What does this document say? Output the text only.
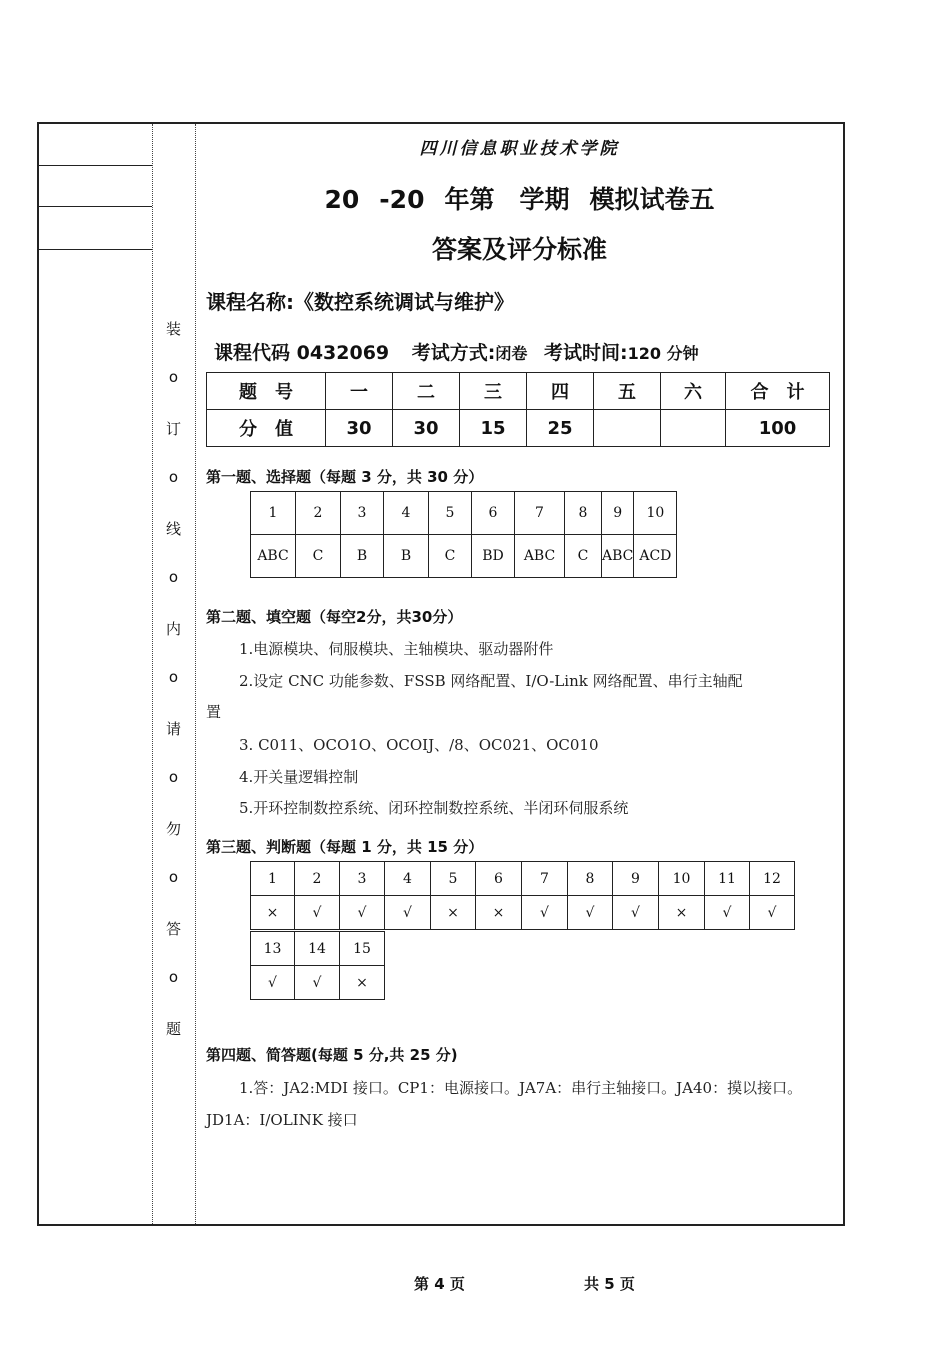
装
o
订
o
线
o
内
o
请
o
勿
o
答
o
题
四川信息职业技术学院
20 -20 年第　学期 模拟试卷五
答案及评分标准
课程名称:《数控系统调试与维护》
课程代码 0432069 考试方式:闭卷 考试时间:120 分钟
题　号	一	二	三	四	五	六	合　计
分　值	30	30	15	25			100
第一题、选择题（每题 3 分，共 30 分）
1	2	3	4	5	6	7	8	9	10
ABC	C	B	B	C	BD	ABC	C	ABC	ACD
第二题、填空题（每空2分，共30分）
1.电源模块、伺服模块、主轴模块、驱动器附件
2.设定 CNC 功能参数、FSSB 网络配置、I/O-Link 网络配置、串行主轴配
置
3. C011、OCO1O、OCOIJ、/8、OC021、OC010
4.开关量逻辑控制
5.开环控制数控系统、闭环控制数控系统、半闭环伺服系统
第三题、判断题（每题 1 分，共 15 分）
1	2	3	4	5	6	7	8	9	10	11	12
×	√	√	√	×	×	√	√	√	×	√	√
13	14	15
√	√	×
第四题、简答题(每题 5 分,共 25 分)
1.答：JA2:MDI 接口。CP1：电源接口。JA7A：串行主轴接口。JA40：摸以接口。
JD1A：I/OLINK 接口
第 4 页	共 5 页
